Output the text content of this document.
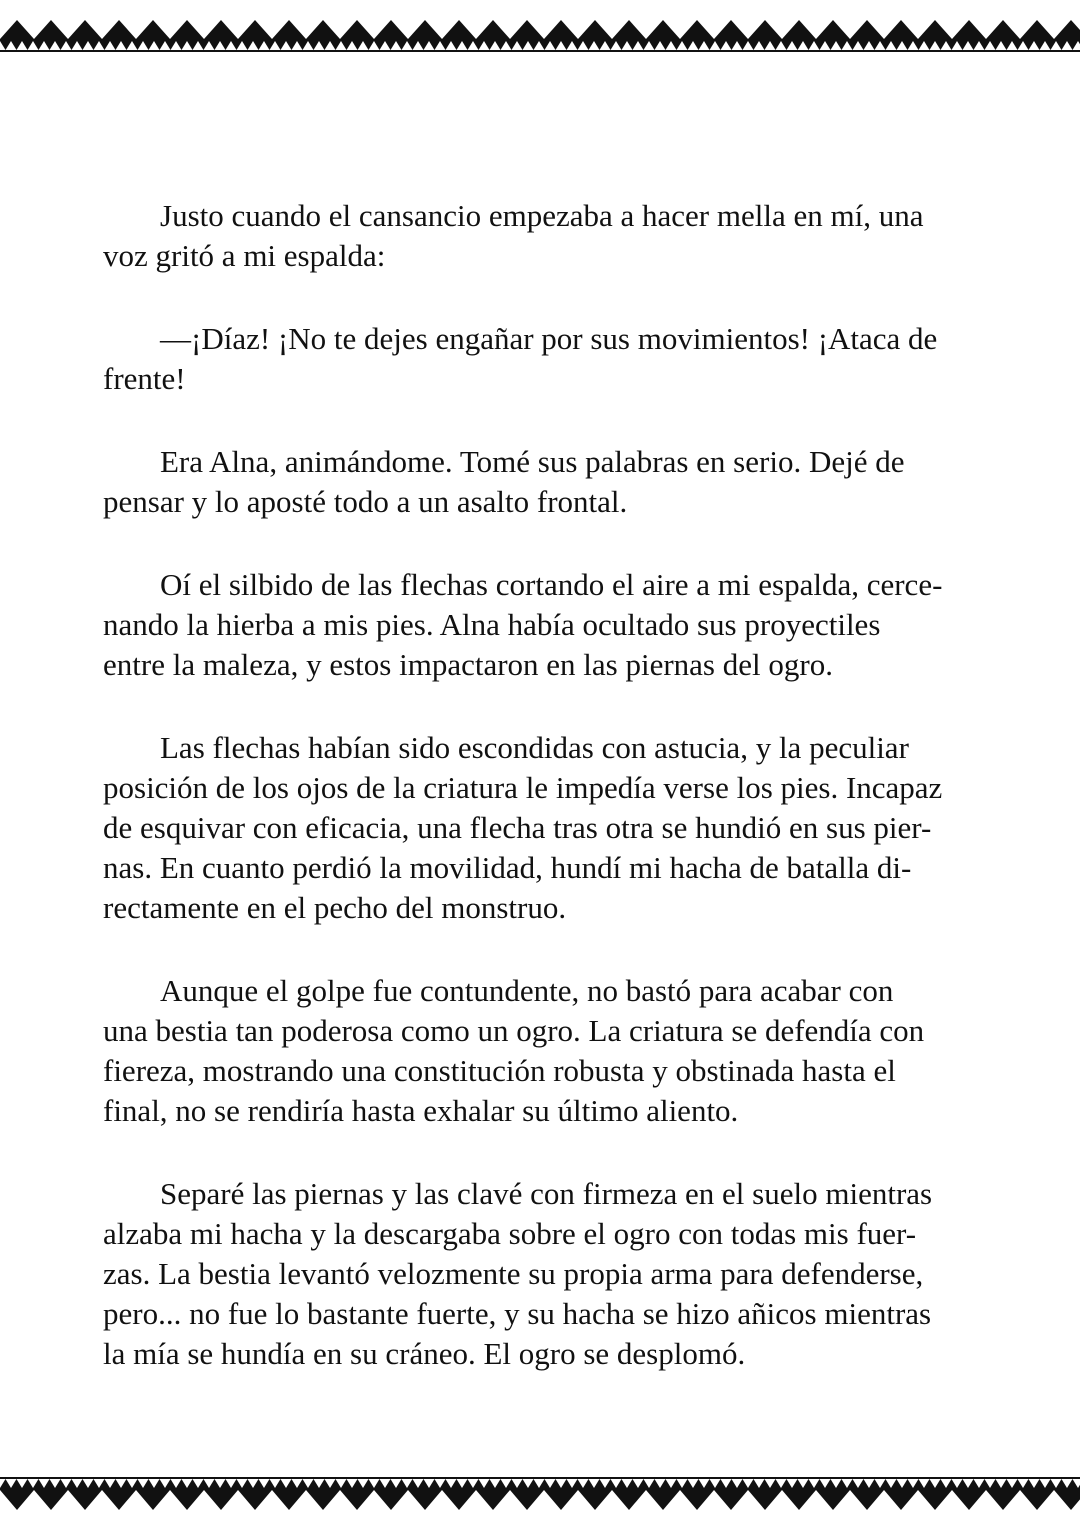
Justo cuando el cansancio empezaba a hacer mella en mí, una
voz gritó a mi espalda:

—¡Díaz! ¡No te dejes engañar por sus movimientos! ¡Ataca de
frente!

Era Alna, animándome. Tomé sus palabras en serio. Dejé de
pensar y lo aposté todo a un asalto frontal.

Oí el silbido de las flechas cortando el aire a mi espalda, cerce-
nando la hierba a mis pies. Alna había ocultado sus proyectiles
entre la maleza, y estos impactaron en las piernas del ogro.

Las flechas habían sido escondidas con astucia, y la peculiar
posición de los ojos de la criatura le impedía verse los pies. Incapaz
de esquivar con eficacia, una flecha tras otra se hundió en sus pier-
nas. En cuanto perdió la movilidad, hundí mi hacha de batalla di-
rectamente en el pecho del monstruo.

Aunque el golpe fue contundente, no bastó para acabar con
una bestia tan poderosa como un ogro. La criatura se defendía con
fiereza, mostrando una constitución robusta y obstinada hasta el
final, no se rendiría hasta exhalar su último aliento.

Separé las piernas y las clavé con firmeza en el suelo mientras
alzaba mi hacha y la descargaba sobre el ogro con todas mis fuer-
zas. La bestia levantó velozmente su propia arma para defenderse,
pero... no fue lo bastante fuerte, y su hacha se hizo añicos mientras
la mía se hundía en su cráneo. El ogro se desplomó.
